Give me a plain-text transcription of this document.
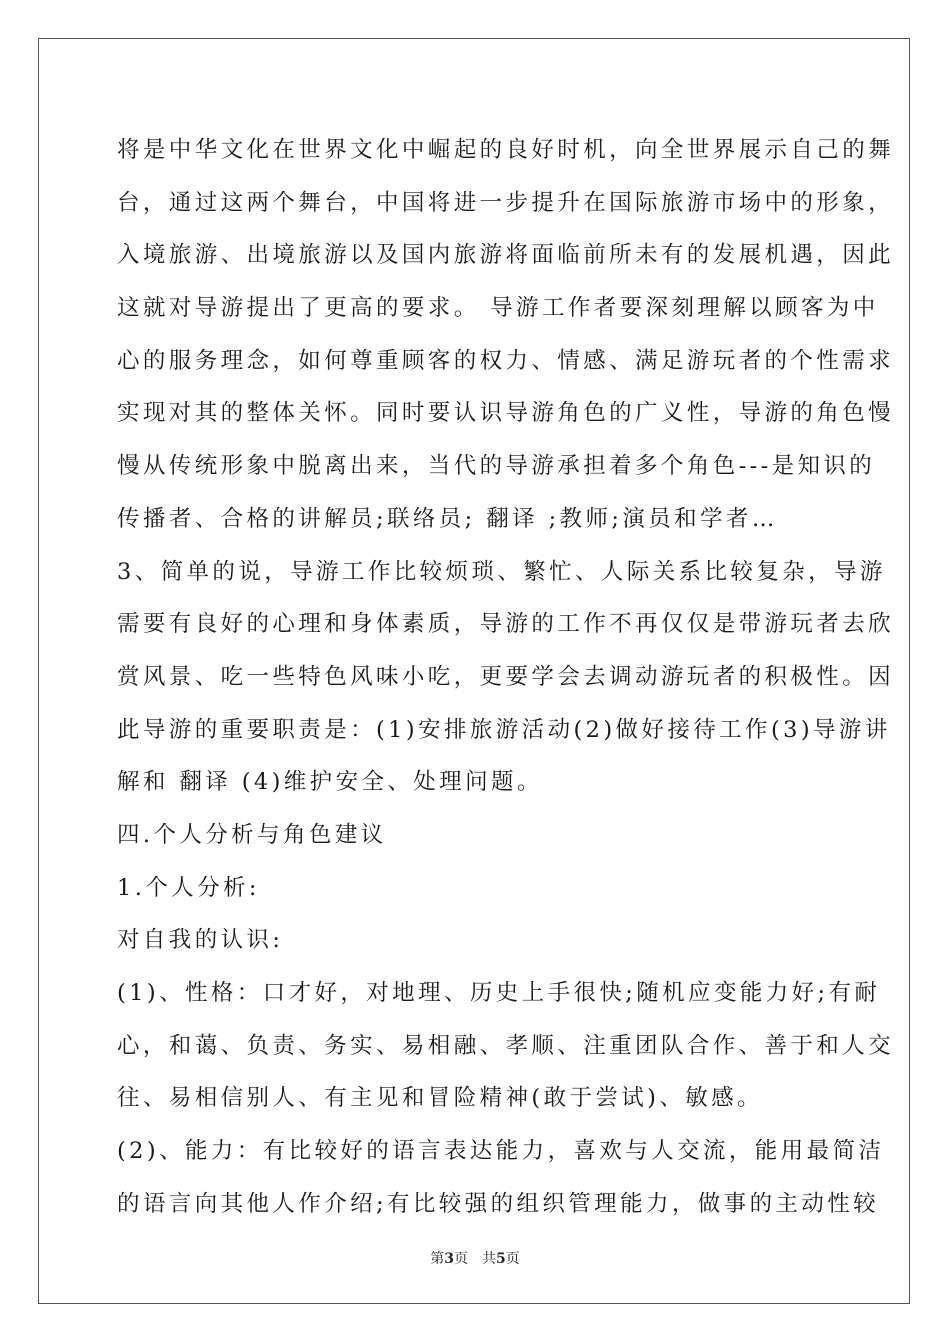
将是中华文化在世界文化中崛起的良好时机，向全世界展示自己的舞
台，通过这两个舞台，中国将进一步提升在国际旅游市场中的形象，
入境旅游、出境旅游以及国内旅游将面临前所未有的发展机遇，因此
这就对导游提出了更高的要求。 导游工作者要深刻理解以顾客为中
心的服务理念，如何尊重顾客的权力、情感、满足游玩者的个性需求
实现对其的整体关怀。同时要认识导游角色的广义性，导游的角色慢
慢从传统形象中脱离出来，当代的导游承担着多个角色---是知识的
传播者、合格的讲解员;联络员; 翻译 ;教师;演员和学者…
3、简单的说，导游工作比较烦琐、繁忙、人际关系比较复杂，导游
需要有良好的心理和身体素质，导游的工作不再仅仅是带游玩者去欣
赏风景、吃一些特色风味小吃，更要学会去调动游玩者的积极性。因
此导游的重要职责是：(1)安排旅游活动(2)做好接待工作(3)导游讲
解和 翻译 (4)维护安全、处理问题。
四.个人分析与角色建议
1.个人分析:
对自我的认识:
(1)、性格：口才好，对地理、历史上手很快;随机应变能力好;有耐
心，和蔼、负责、务实、易相融、孝顺、注重团队合作、善于和人交
往、易相信别人、有主见和冒险精神(敢于尝试)、敏感。
(2)、能力：有比较好的语言表达能力，喜欢与人交流，能用最简洁
的语言向其他人作介绍;有比较强的组织管理能力，做事的主动性较
第3页　共5页
